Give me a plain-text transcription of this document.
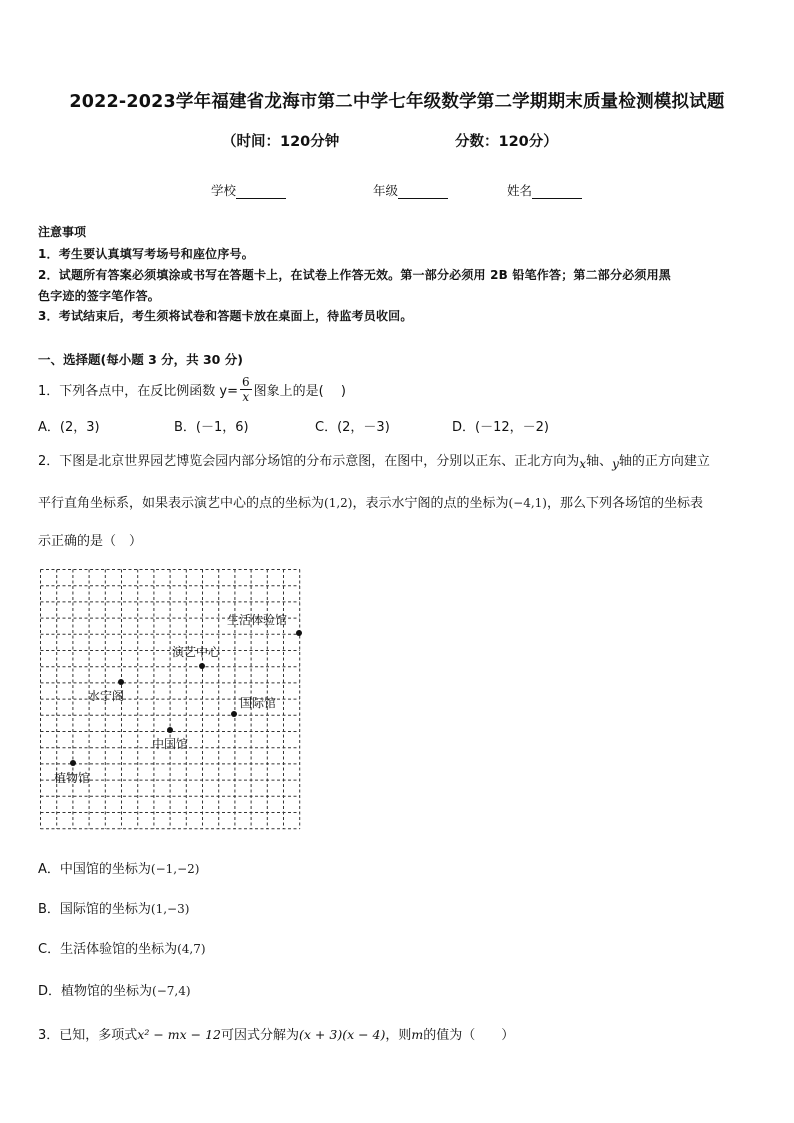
2022-2023学年福建省龙海市第二中学七年级数学第二学期期末质量检测模拟试题
（时间：120分钟	分数：120分）
学校	年级	姓名
注意事项
1．考生要认真填写考场号和座位序号。
2．试题所有答案必须填涂或书写在答题卡上，在试卷上作答无效。第一部分必须用 2B 铅笔作答；第二部分必须用黑
色字迹的签字笔作答。
3．考试结束后，考生须将试卷和答题卡放在桌面上，待监考员收回。
一、选择题(每小题 3 分，共 30 分)
1．下列各点中，在反比例函数 $y= \frac{6}{x}$ 图象上的是(　 )
A．(2，3)	B．(－1，6)	C．(2，－3)	D．(－12，－2)
2．下图是北京世界园艺博览会园内部分场馆的分布示意图，在图中，分别以正东、正北方向为x轴、y轴的正方向建立
平行直角坐标系，如果表示演艺中心的点的坐标为(1,2)，表示水宁阁的点的坐标为(−4,1)，那么下列各场馆的坐标表
示正确的是（　）
生活体验馆
演艺中心
水宁阁	国际馆
中国馆
植物馆
A．中国馆的坐标为(−1,−2)
B．国际馆的坐标为(1,−3)
C．生活体验馆的坐标为(4,7)
D．植物馆的坐标为(−7,4)
3．已知，多项式x² − mx − 12可因式分解为(x + 3)(x − 4)，则m的值为（　　）
